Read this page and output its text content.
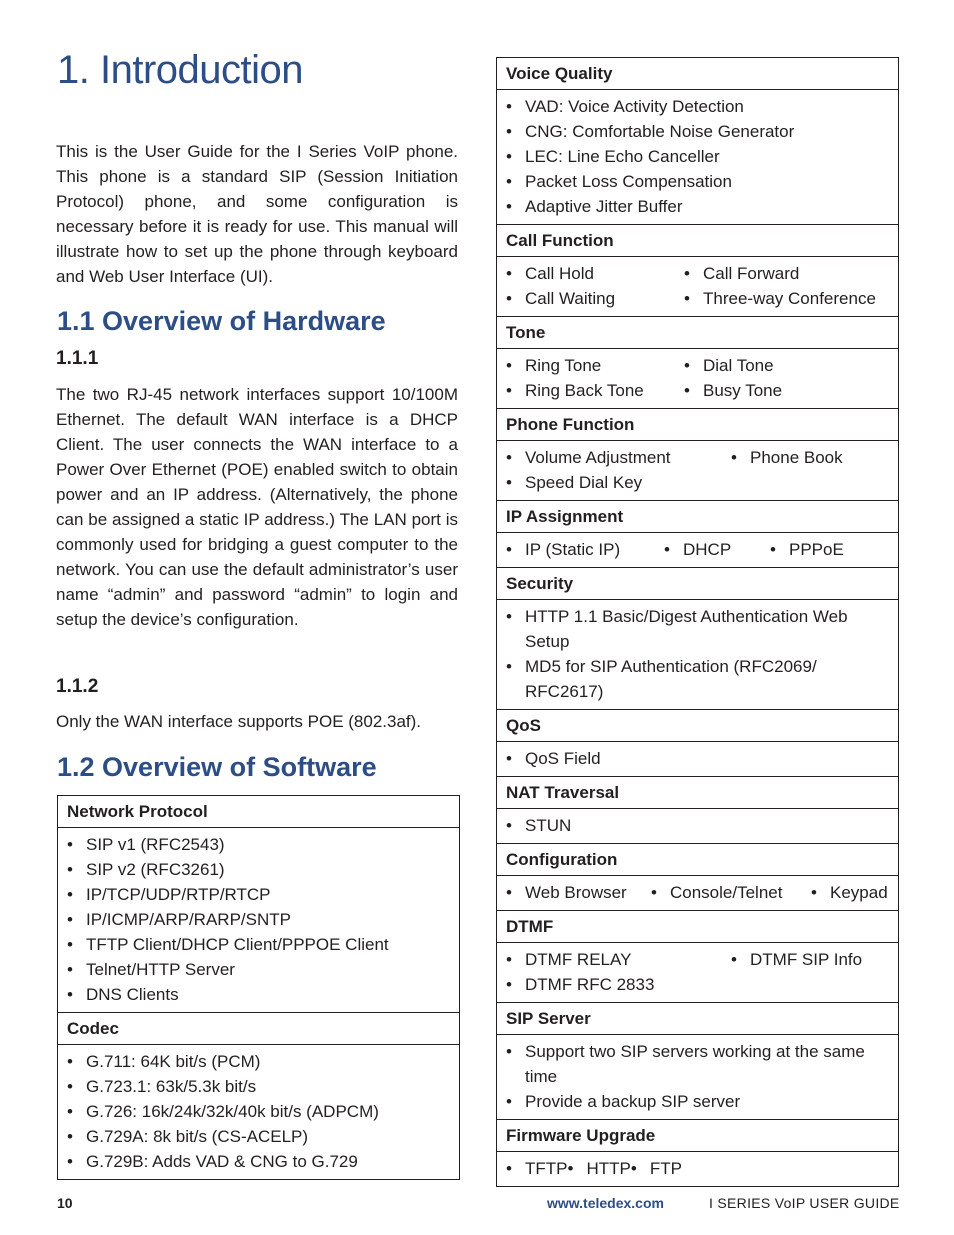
1. Introduction

This is the User Guide for the I Series VoIP phone. This phone is a standard SIP (Session Initiation Protocol) phone, and some configuration is necessary before it is ready for use. This manual will illustrate how to set up the phone through keyboard and Web User Interface (UI).

1.1 Overview of Hardware
1.1.1

The two RJ-45 network interfaces support 10/100M Ethernet. The default WAN interface is a DHCP Client. The user connects the WAN interface to a Power Over Ethernet (POE) enabled switch to obtain power and an IP address. (Alternatively, the phone can be assigned a static IP address.) The LAN port is commonly used for bridging a guest computer to the network. You can use the default administrator’s user name “admin” and password “admin” to login and setup the device’s configuration.

1.1.2

Only the WAN interface supports POE (802.3af).

1.2 Overview of Software
Network Protocol
• SIP v1 (RFC2543)
• SIP v2 (RFC3261)
• IP/TCP/UDP/RTP/RTCP
• IP/ICMP/ARP/RARP/SNTP
• TFTP Client/DHCP Client/PPPOE Client
• Telnet/HTTP Server
• DNS Clients
Codec
• G.711: 64K bit/s (PCM)
• G.723.1: 63k/5.3k bit/s
• G.726: 16k/24k/32k/40k bit/s (ADPCM)
• G.729A: 8k bit/s (CS-ACELP)
• G.729B: Adds VAD & CNG to G.729
Voice Quality
• VAD: Voice Activity Detection
• CNG: Comfortable Noise Generator
• LEC: Line Echo Canceller
• Packet Loss Compensation
• Adaptive Jitter Buffer
Call Function
• Call Hold	• Call Forward
• Call Waiting	• Three-way Conference
Tone
• Ring Tone	• Dial Tone
• Ring Back Tone	• Busy Tone
Phone Function
• Volume Adjustment	• Phone Book
• Speed Dial Key
IP Assignment
• IP (Static IP)	• DHCP	• PPPoE
Security
• HTTP 1.1 Basic/Digest Authentication Web Setup
• MD5 for SIP Authentication (RFC2069/ RFC2617)
QoS
• QoS Field
NAT Traversal
• STUN
Configuration
• Web Browser	• Console/Telnet	• Keypad
DTMF
• DTMF RELAY	• DTMF SIP Info
• DTMF RFC 2833
SIP Server
• Support two SIP servers working at the same time
• Provide a backup SIP server
Firmware Upgrade
• TFTP • HTTP • FTP
10	www.teledex.com	I SERIES VoIP USER GUIDE
